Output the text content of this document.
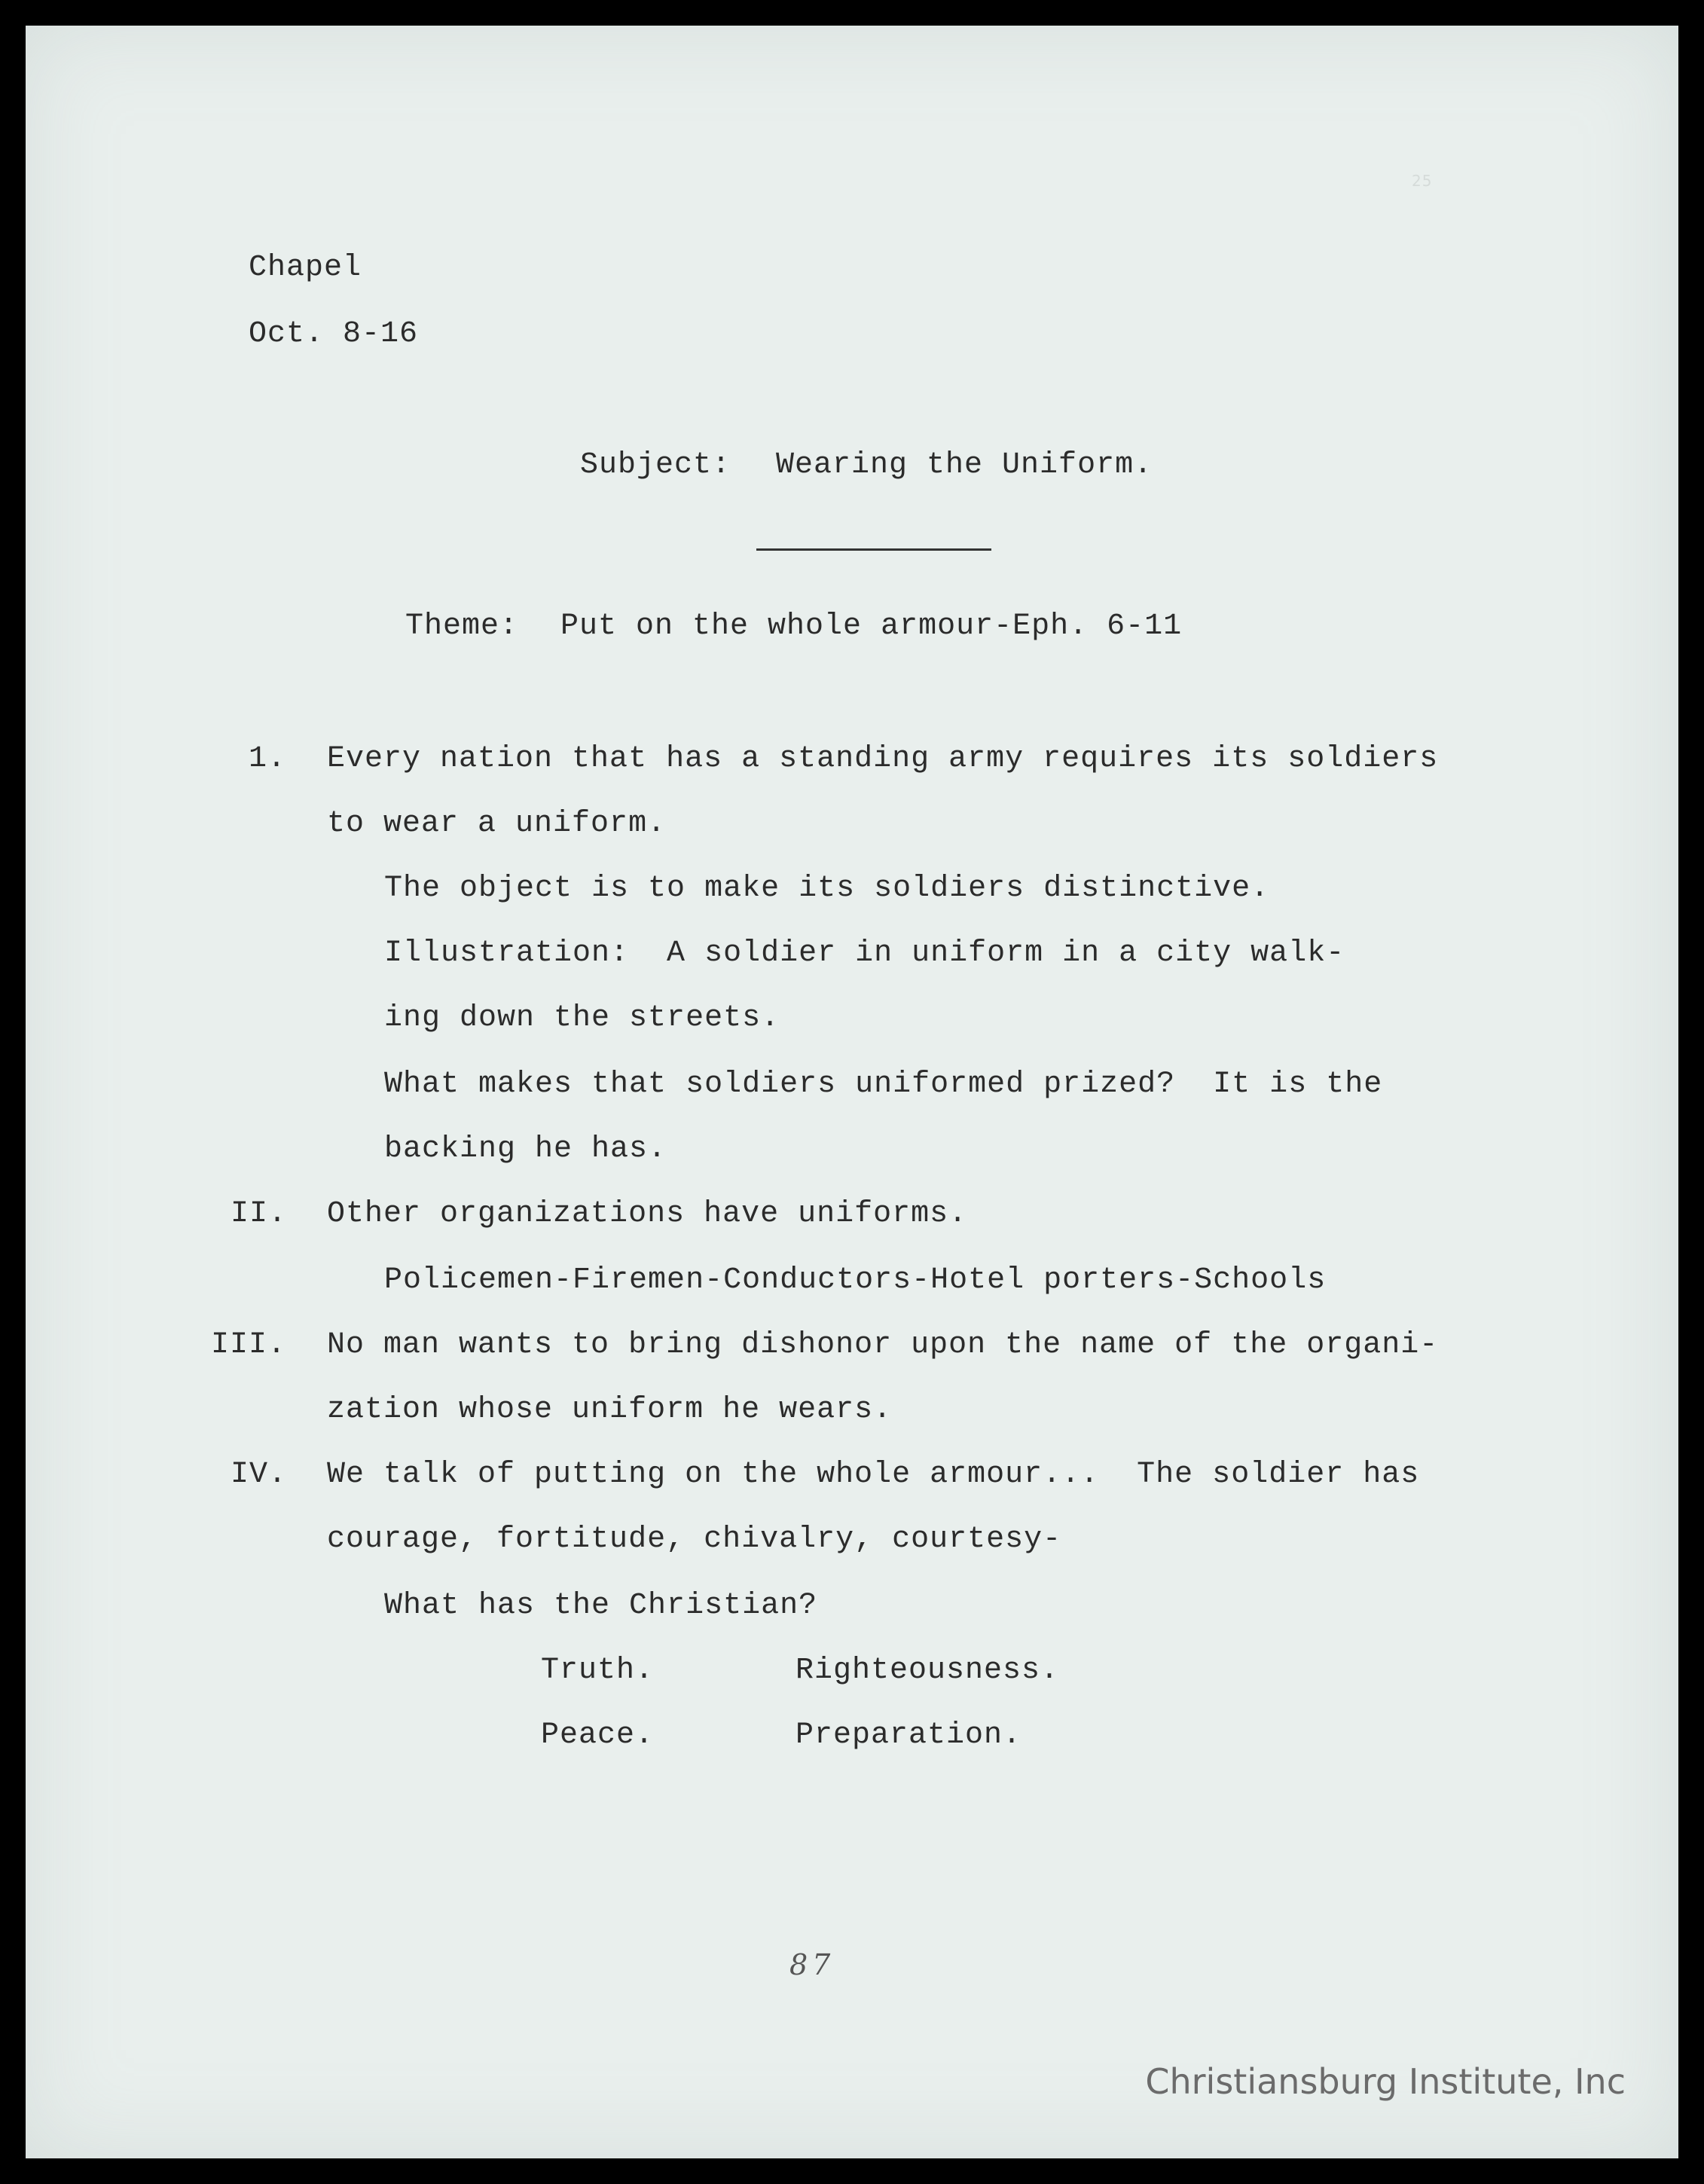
25
Chapel
Oct. 8-16
Subject: Wearing the Uniform.
Theme: Put on the whole armour-Eph. 6-11
1. Every nation that has a standing army requires its soldiers
to wear a uniform.
The object is to make its soldiers distinctive.
Illustration:  A soldier in uniform in a city walk-
ing down the streets.
What makes that soldiers uniformed prized?  It is the
backing he has.
II. Other organizations have uniforms.
Policemen-Firemen-Conductors-Hotel porters-Schools
III. No man wants to bring dishonor upon the name of the organi-
zation whose uniform he wears.
IV. We talk of putting on the whole armour...  The soldier has
courage, fortitude, chivalry, courtesy-
What has the Christian?
Truth.	Righteousness.
Peace.	Preparation.
87
Christiansburg Institute, Inc
